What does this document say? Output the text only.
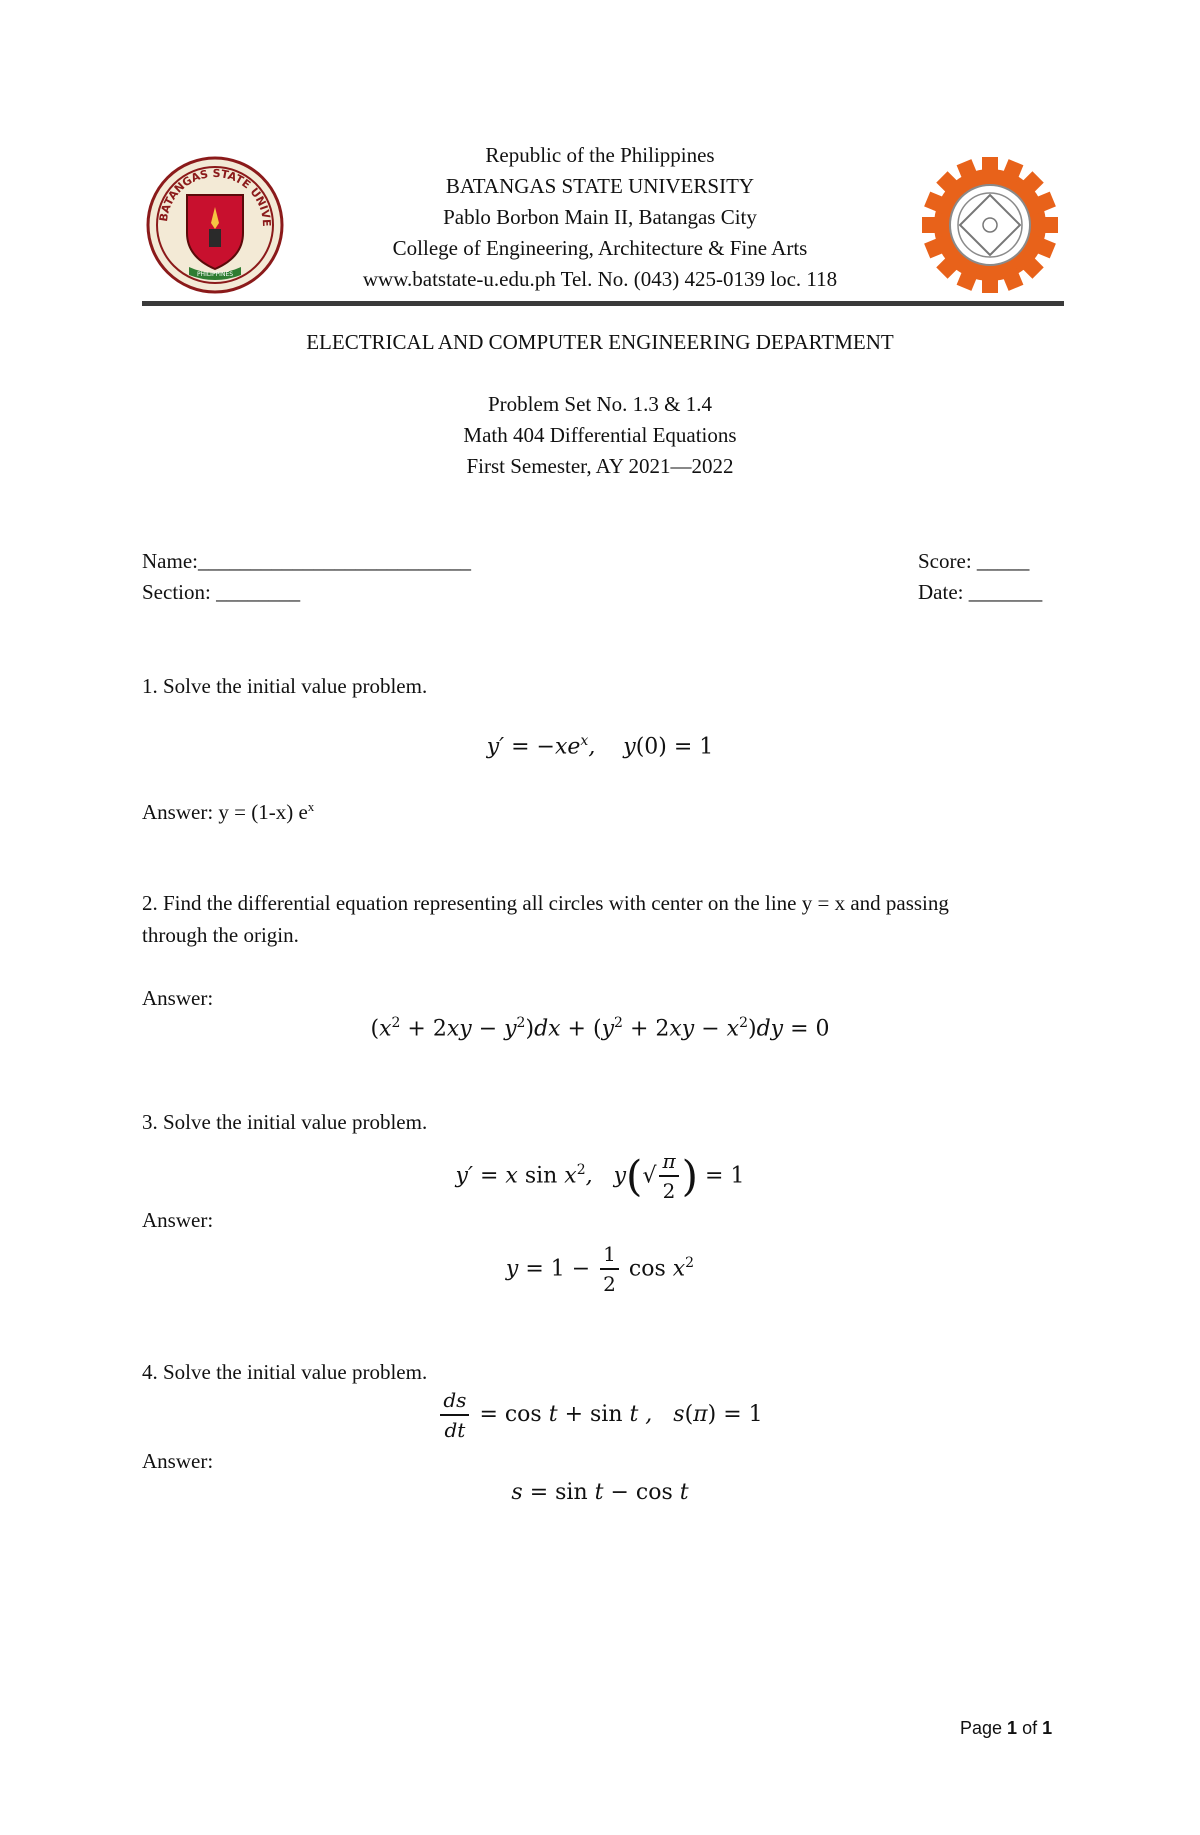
BATANGAS STATE UNIVE
PHILIPPINES
Republic of the Philippines
BATANGAS STATE UNIVERSITY
Pablo Borbon Main II, Batangas City
College of Engineering, Architecture & Fine Arts
www.batstate-u.edu.ph Tel. No. (043) 425-0139 loc. 118
ELECTRICAL AND COMPUTER ENGINEERING DEPARTMENT
Problem Set No. 1.3 & 1.4
Math 404 Differential Equations
First Semester, AY 2021—2022
Name:__________________________
Section: ________
Score: _____
Date: _______
1. Solve the initial value problem.
$y' = -xe^x$,    y(0) = 1
Answer: y = (1-x) $e^x$
2. Find the differential equation representing all circles with center on the line y = x and passing
through the origin.
Answer:
$(x^2 + 2xy - y^2)dx + (y^2 + 2xy - x^2)dy = 0$
3. Solve the initial value problem.
y′ = x $\sin x^2$,   $y(√ \frac{\pi}{2}$ ) = 1
Answer:
$y = 1 - \frac{1}{2}$ $\cos x^2$
4. Solve the initial value problem.
$\frac{ds}{dt} = \cos t + \sin t$ ,   s(π) = 1
Answer:
s = sin t − cos t
Page 1 of 1
